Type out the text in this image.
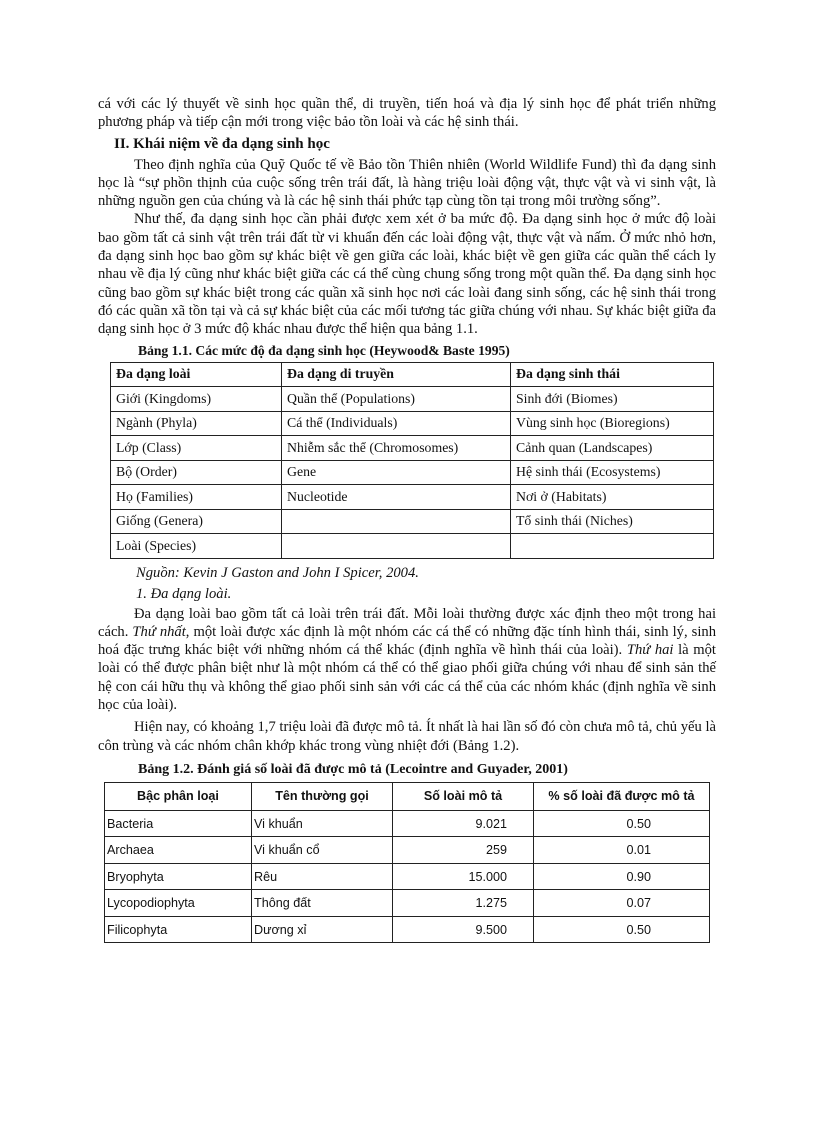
cá với các lý thuyết về sinh học quần thể, di truyền, tiến hoá và địa lý sinh học để phát triển những phương pháp và tiếp cận mới trong việc bảo tồn loài và các hệ sinh thái.

II. Khái niệm về đa dạng sinh học

Theo định nghĩa của Quỹ Quốc tế về Bảo tồn Thiên nhiên (World Wildlife Fund) thì đa dạng sinh học là “sự phồn thịnh của cuộc sống trên trái đất, là hàng triệu loài động vật, thực vật và vi sinh vật, là những nguồn gen của chúng và là các hệ sinh thái phức tạp cùng tồn tại trong môi trường sống”.

Như thế, đa dạng sinh học cần phải được xem xét ở ba mức độ. Đa dạng sinh học ở mức độ loài bao gồm tất cả sinh vật trên trái đất từ vi khuẩn đến các loài động vật, thực vật và nấm. Ở mức nhỏ hơn, đa dạng sinh học bao gồm sự khác biệt về gen giữa các loài, khác biệt về gen giữa các quần thể cách ly nhau về địa lý cũng như khác biệt giữa các cá thể cùng chung sống trong một quần thể. Đa dạng sinh học cũng bao gồm sự khác biệt trong các quần xã sinh học nơi các loài đang sinh sống, các hệ sinh thái trong đó các quần xã tồn tại và cả sự khác biệt của các mối tương tác giữa chúng với nhau. Sự khác biệt giữa đa dạng sinh học ở 3 mức độ khác nhau được thể hiện qua bảng 1.1.

Bảng 1.1. Các mức độ đa dạng sinh học (Heywood& Baste 1995)
Đa dạng loài	Đa dạng di truyền	Đa dạng sinh thái
Giới (Kingdoms)	Quần thể (Populations)	Sinh đới (Biomes)
Ngành (Phyla)	Cá thể (Individuals)	Vùng sinh học (Bioregions)
Lớp (Class)	Nhiễm sắc thể (Chromosomes)	Cảnh quan (Landscapes)
Bộ (Order)	Gene	Hệ sinh thái (Ecosystems)
Họ (Families)	Nucleotide	Nơi ở (Habitats)
Giống (Genera)		Tổ sinh thái (Niches)
Loài (Species)		
Nguồn: Kevin J Gaston and John I Spicer, 2004.
1. Đa dạng loài.

Đa dạng loài bao gồm tất cả loài trên trái đất. Mỗi loài thường được xác định theo một trong hai cách. Thứ nhất, một loài được xác định là một nhóm các cá thể có những đặc tính hình thái, sinh lý, sinh hoá đặc trưng khác biệt với những nhóm cá thể khác (định nghĩa về hình thái của loài). Thứ hai là một loài có thể được phân biệt như là một nhóm cá thể có thể giao phối giữa chúng với nhau để sinh sản thế hệ con cái hữu thụ và không thể giao phối sinh sản với các cá thể của các nhóm khác (định nghĩa về sinh học của loài).

Hiện nay, có khoảng 1,7 triệu loài đã được mô tả. Ít nhất là hai lần số đó còn chưa mô tả, chủ yếu là côn trùng và các nhóm chân khớp khác trong vùng nhiệt đới (Bảng 1.2).

Bảng 1.2. Đánh giá số loài đã được mô tả (Lecointre and Guyader, 2001)
Bậc phân loại	Tên thường gọi	Số loài mô tả	% số loài đã được mô tả
Bacteria	Vi khuẩn	9.021	0.50
Archaea	Vi khuẩn cổ	259	0.01
Bryophyta	Rêu	15.000	0.90
Lycopodiophyta	Thông đất	1.275	0.07
Filicophyta	Dương xỉ	9.500	0.50
